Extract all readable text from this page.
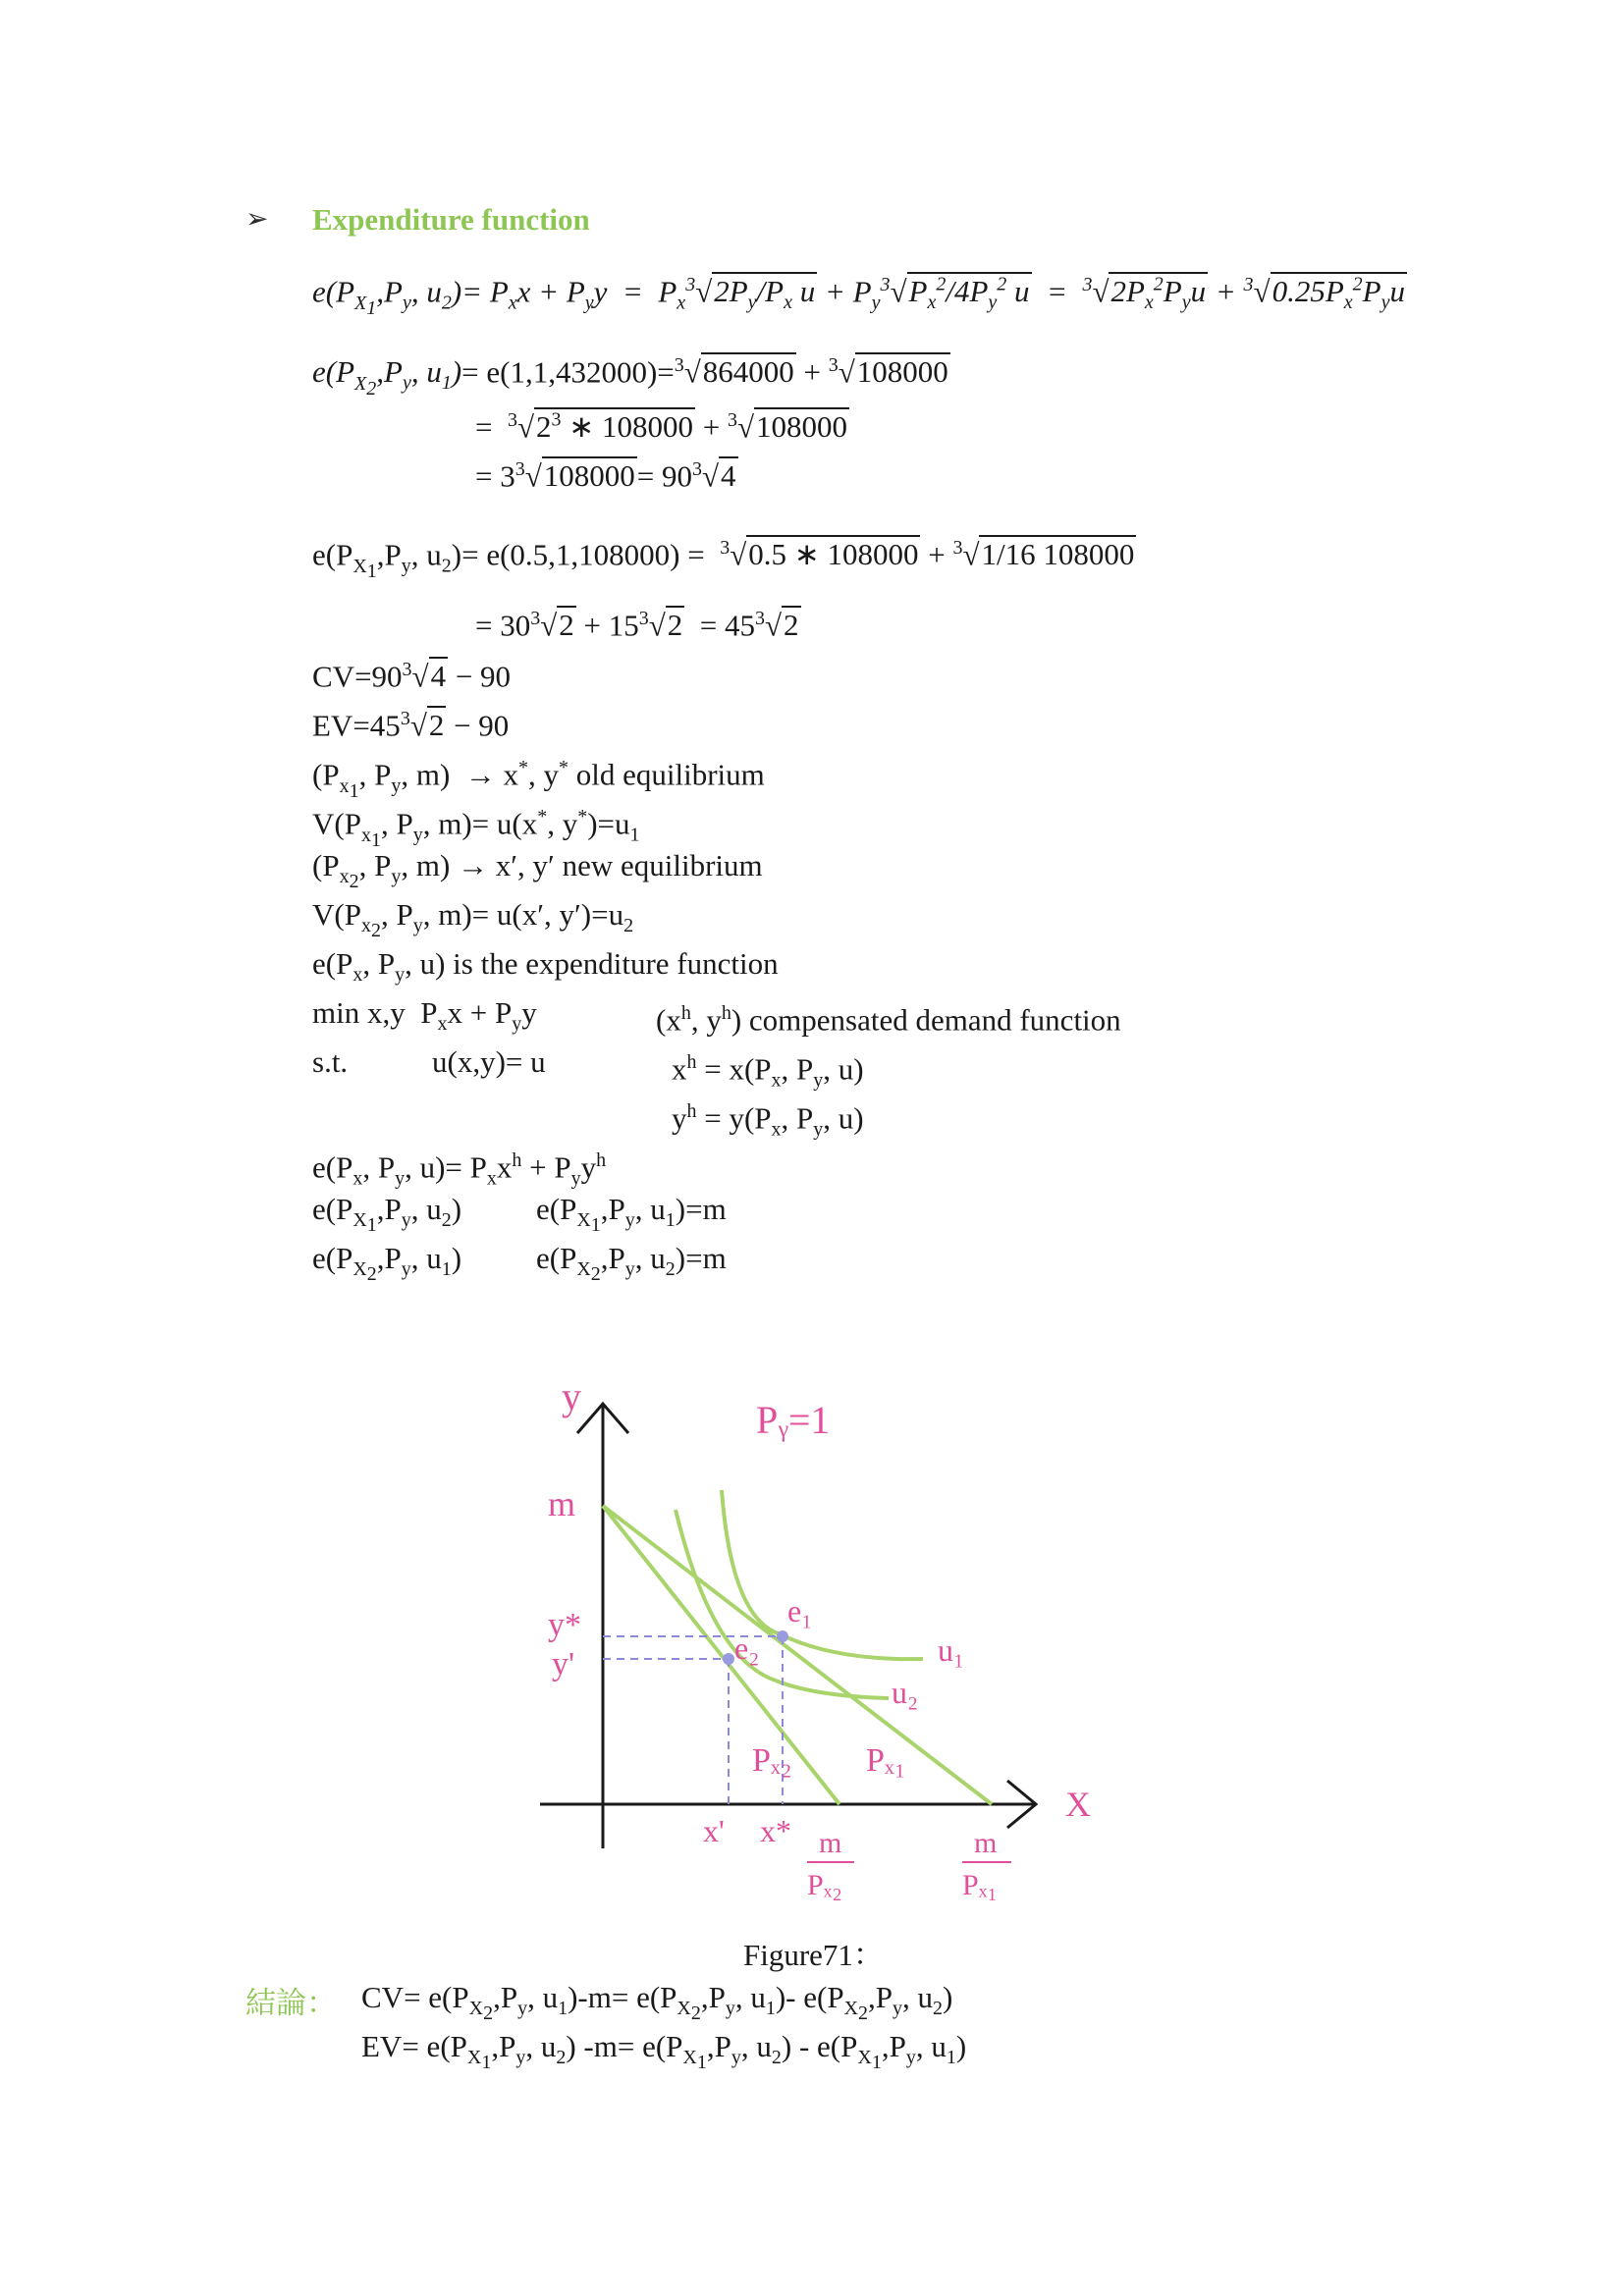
➢ Expenditure function
$e(P_{X_1},P_y$, $u_2)= P_xx + P_yy = P_x^3√2P_y/P_x$ $u + P_y^3√P_x^2/4P_y^2$ $u = ^3√2P_x^2P_yu + ^3√0.25P_x^2P_yu$
$e(P_{X_2},P_y$, $u_1)= e(1,1,432000)=^3√864000 + ^3√108000$
=  $^3√2^3$ ∗ 108000 + $^3$√108000
= $3^3√108000= 90^3√4$
$e(P_{X_1},P_y$, $u_2)= e(0.5,1,108000) = ^3√0.5$ ∗ 108000 + $^3$√1/16 108000
= $30^3√2 + 15^3√2 = 45^3√2$
$CV=90^3√4 - 90$
$EV=45^3√2 - 90$
($P_{x_1}$, $P_y$, m)  → x*, y* old equilibrium
$V(P_{x_1}$, $P_y$, m)= u(x*, $y^*)=u_1$
($P_{x_2}$, $P_y$, m) → x′, y′ new equilibrium
$V(P_{x_2}$, $P_y$, m)= u(x′, $y')=u_2$
$e(P_x$, $P_y$, u) is the expenditure function
min x,y  $P_xx + P_yy$	($x^h$, $y^h$) compensated demand function
s.t.	u(x,y)= u	$x^h = x(P_x$, $P_y$, u)
$y^h = y(P_x$, $P_y$, u)
$e(P_x$, $P_y$, $u)= P_xx^h + P_yy^h$
$e(P_{X_1},P_y$, $u_2$) $e(P_{X_1},P_y$, $u_1)=m$
$e(P_{X_2},P_y$, $u_1$) $e(P_{X_2},P_y$, $u_2)=m$
y
X
Pᵧ=1
m
y*
y'
e₁
e₂	u₁
u₂
Pₓ₂ Pₓ₁
x' x* m
Pₓ₂
m
Pₓ₁
Figure71：
結論： $CV= e(P_{X_2},P_y$, $u_1)-m= e(P_{X_2},P_y$, $u_1)-$ $e(P_{X_2},P_y$, $u_2$)
$EV= e(P_{X_1},P_y$, $u_2$) $-m= e(P_{X_1},P_y$, $u_2) - e(P_{X_1},P_y$, $u_1$)
